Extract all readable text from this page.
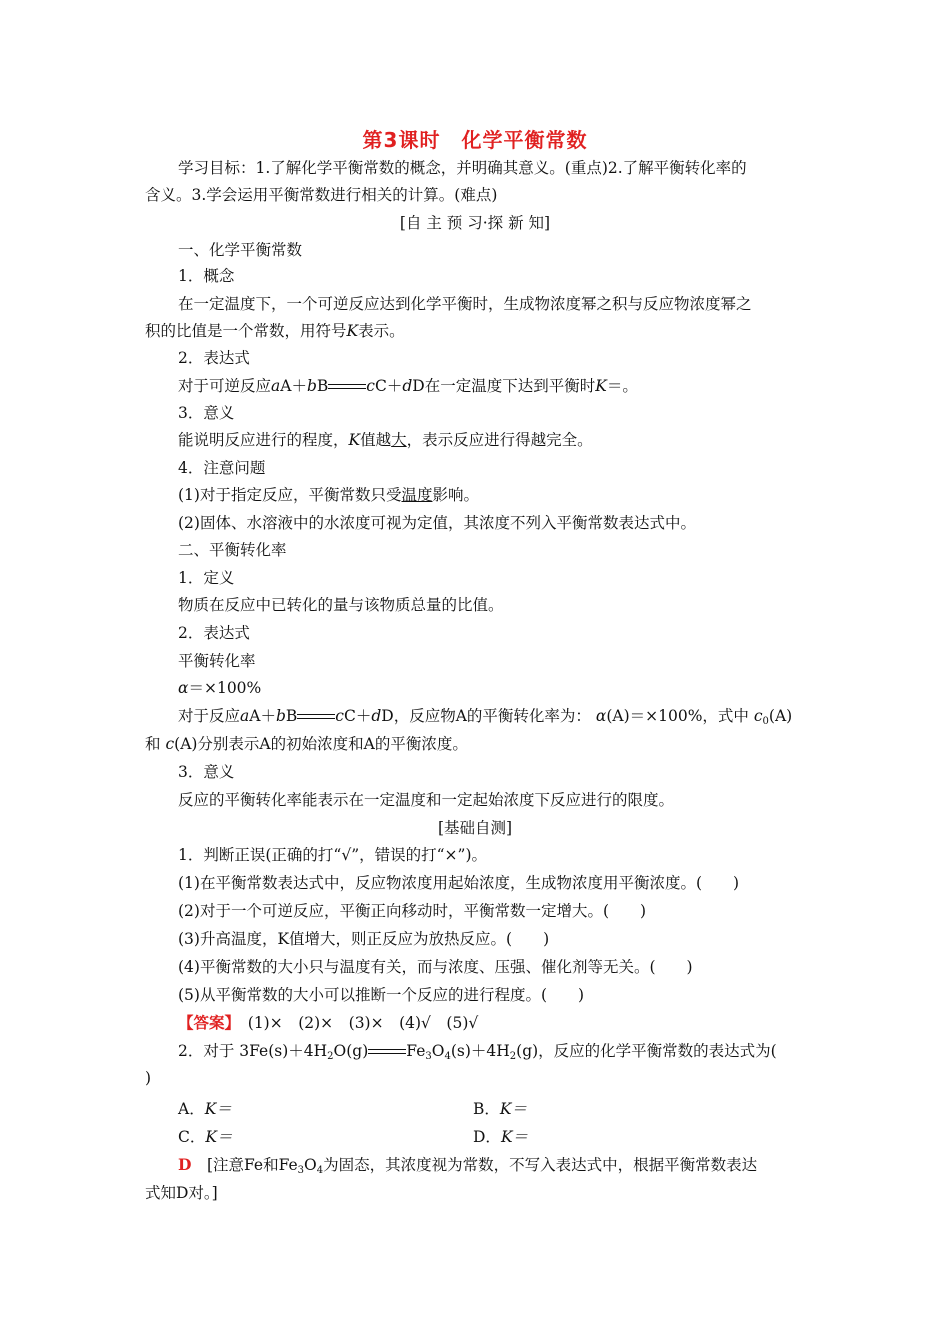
第3课时　化学平衡常数
学习目标：1.了解化学平衡常数的概念，并明确其意义。(重点)2.了解平衡转化率的
含义。3.学会运用平衡常数进行相关的计算。(难点)
[自 主 预 习·探 新 知]
一、化学平衡常数
1．概念
在一定温度下，一个可逆反应达到化学平衡时，生成物浓度幂之积与反应物浓度幂之
积的比值是一个常数，用符号K表示。
2．表达式
对于可逆反应aA＋bB cC＋dD在一定温度下达到平衡时K＝。
3．意义
能说明反应进行的程度，K值越大，表示反应进行得越完全。
4．注意问题
(1)对于指定反应，平衡常数只受温度影响。
(2)固体、水溶液中的水浓度可视为定值，其浓度不列入平衡常数表达式中。
二、平衡转化率
1．定义
物质在反应中已转化的量与该物质总量的比值。
2．表达式
平衡转化率
α＝×100%
对于反应aA＋bB cC＋dD，反应物A的平衡转化率为： α(A)＝×100%，式中 $c_0(A)$
和 c(A)分别表示A的初始浓度和A的平衡浓度。
3．意义
反应的平衡转化率能表示在一定温度和一定起始浓度下反应进行的限度。
[基础自测]
1．判断正误(正确的打“√”，错误的打“×”)。
(1)在平衡常数表达式中，反应物浓度用起始浓度，生成物浓度用平衡浓度。(　　)
(2)对于一个可逆反应，平衡正向移动时，平衡常数一定增大。(　　)
(3)升高温度，K值增大，则正反应为放热反应。(　　)
(4)平衡常数的大小只与温度有关，而与浓度、压强、催化剂等无关。(　　)
(5)从平衡常数的大小可以推断一个反应的进行程度。(　　)
【答案】　(1)×　(2)×　(3)×　(4)√　(5)√
2．对于 $3Fe(s)+4H_2O(g)$ $Fe_3O_4(s)+4H_2(g)$，反应的化学平衡常数的表达式为(
)
A．K＝	B．K＝
C．K＝	D．K＝
D　[注意Fe和$Fe_3O_4$为固态，其浓度视为常数，不写入表达式中，根据平衡常数表达
式知D对。]
